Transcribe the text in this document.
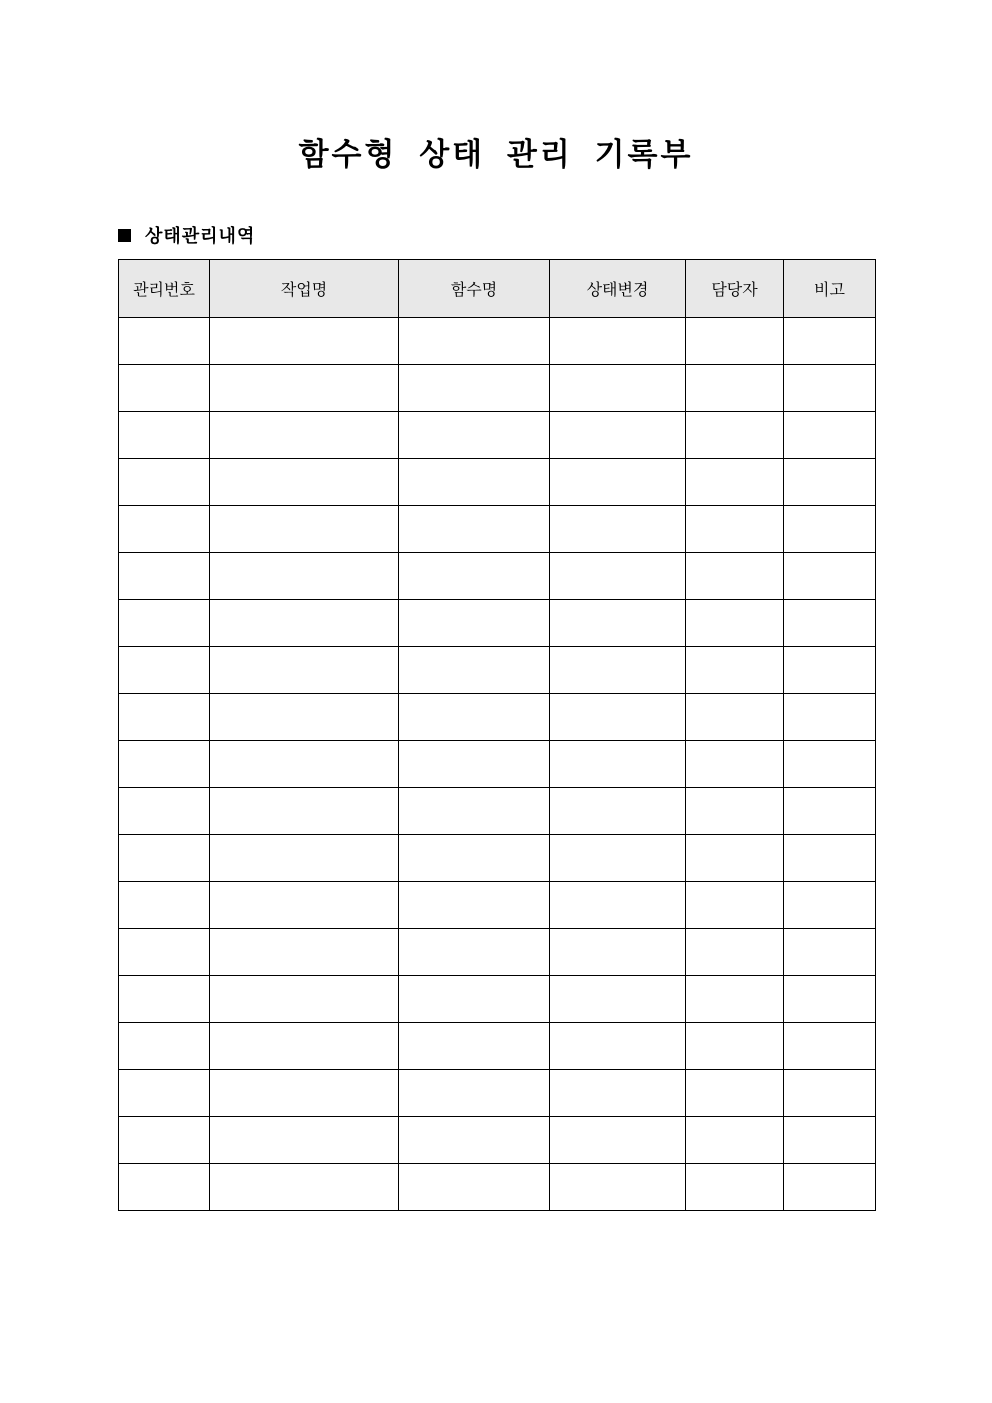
함수형 상태 관리 기록부
상태관리내역
관리번호	작업명	함수명	상태변경	담당자	비고
